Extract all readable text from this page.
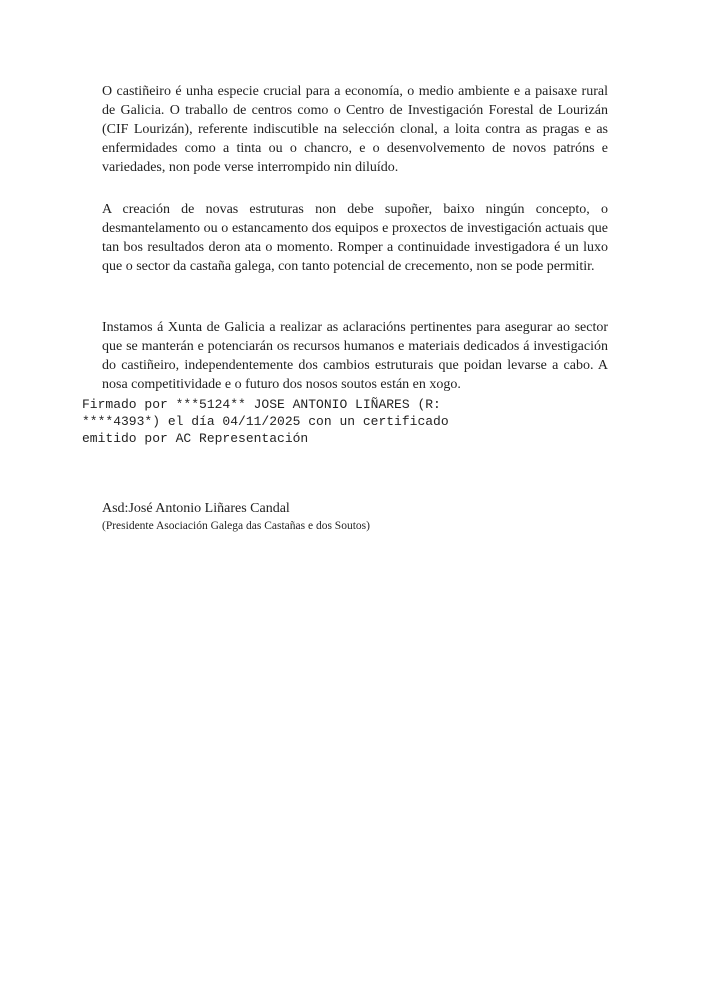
O castiñeiro é unha especie crucial para a economía, o medio ambiente e a paisaxe rural de Galicia. O traballo de centros como o Centro de Investigación Forestal de Lourizán (CIF Lourizán), referente indiscutible na selección clonal, a loita contra as pragas e as enfermidades como a tinta ou o chancro, e o desenvolvemento de novos patróns e variedades, non pode verse interrompido nin diluído.

A creación de novas estruturas non debe supoñer, baixo ningún concepto, o desmantelamento ou o estancamento dos equipos e proxectos de investigación actuais que tan bos resultados deron ata o momento. Romper a continuidade investigadora é un luxo que o sector da castaña galega, con tanto potencial de crecemento, non se pode permitir.

Instamos á Xunta de Galicia a realizar as aclaracións pertinentes para asegurar ao sector que se manterán e potenciarán os recursos humanos e materiais dedicados á investigación do castiñeiro, independentemente dos cambios estruturais que poidan levarse a cabo. A nosa competitividade e o futuro dos nosos soutos están en xogo.

Firmado por ***5124** JOSE ANTONIO LIÑARES (R:
****4393*) el día 04/11/2025 con un certificado
emitido por AC Representación
Asd:José Antonio Liñares Candal
(Presidente Asociación Galega das Castañas e dos Soutos)
